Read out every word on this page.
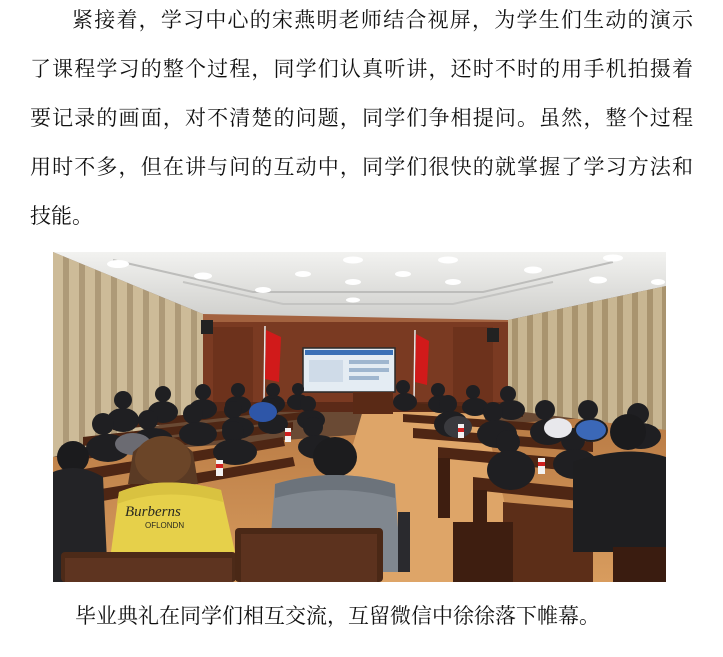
紧接着，学习中心的宋燕明老师结合视屏，为学生们生动的演示
了课程学习的整个过程，同学们认真听讲，还时不时的用手机拍摄着
要记录的画面，对不清楚的问题，同学们争相提问。虽然，整个过程
用时不多，但在讲与问的互动中，同学们很快的就掌握了学习方法和
技能。
Burberns
OFLONDN
毕业典礼在同学们相互交流，互留微信中徐徐落下帷幕。
